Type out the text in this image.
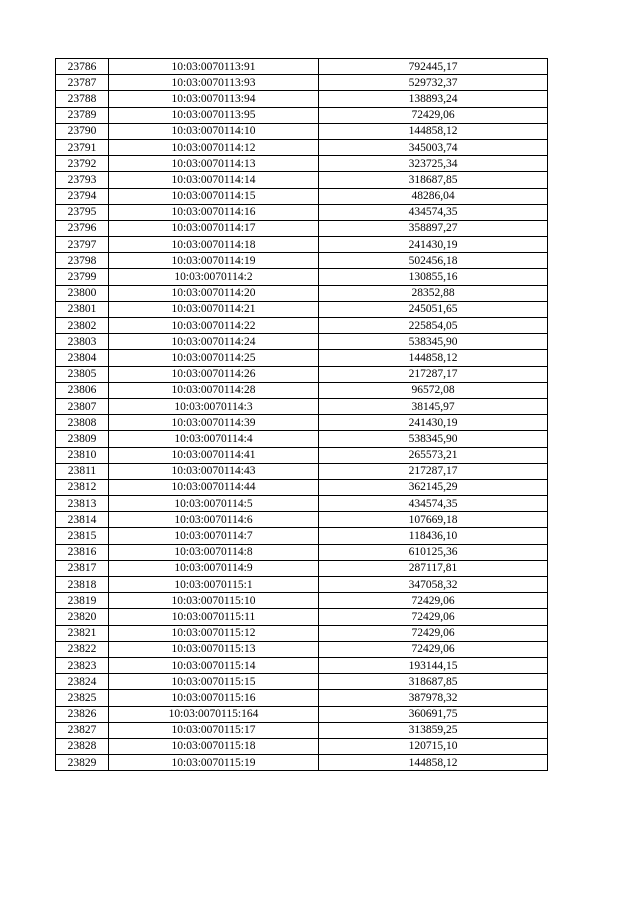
23786	10:03:0070113:91	792445,17
23787	10:03:0070113:93	529732,37
23788	10:03:0070113:94	138893,24
23789	10:03:0070113:95	72429,06
23790	10:03:0070114:10	144858,12
23791	10:03:0070114:12	345003,74
23792	10:03:0070114:13	323725,34
23793	10:03:0070114:14	318687,85
23794	10:03:0070114:15	48286,04
23795	10:03:0070114:16	434574,35
23796	10:03:0070114:17	358897,27
23797	10:03:0070114:18	241430,19
23798	10:03:0070114:19	502456,18
23799	10:03:0070114:2	130855,16
23800	10:03:0070114:20	28352,88
23801	10:03:0070114:21	245051,65
23802	10:03:0070114:22	225854,05
23803	10:03:0070114:24	538345,90
23804	10:03:0070114:25	144858,12
23805	10:03:0070114:26	217287,17
23806	10:03:0070114:28	96572,08
23807	10:03:0070114:3	38145,97
23808	10:03:0070114:39	241430,19
23809	10:03:0070114:4	538345,90
23810	10:03:0070114:41	265573,21
23811	10:03:0070114:43	217287,17
23812	10:03:0070114:44	362145,29
23813	10:03:0070114:5	434574,35
23814	10:03:0070114:6	107669,18
23815	10:03:0070114:7	118436,10
23816	10:03:0070114:8	610125,36
23817	10:03:0070114:9	287117,81
23818	10:03:0070115:1	347058,32
23819	10:03:0070115:10	72429,06
23820	10:03:0070115:11	72429,06
23821	10:03:0070115:12	72429,06
23822	10:03:0070115:13	72429,06
23823	10:03:0070115:14	193144,15
23824	10:03:0070115:15	318687,85
23825	10:03:0070115:16	387978,32
23826	10:03:0070115:164	360691,75
23827	10:03:0070115:17	313859,25
23828	10:03:0070115:18	120715,10
23829	10:03:0070115:19	144858,12
